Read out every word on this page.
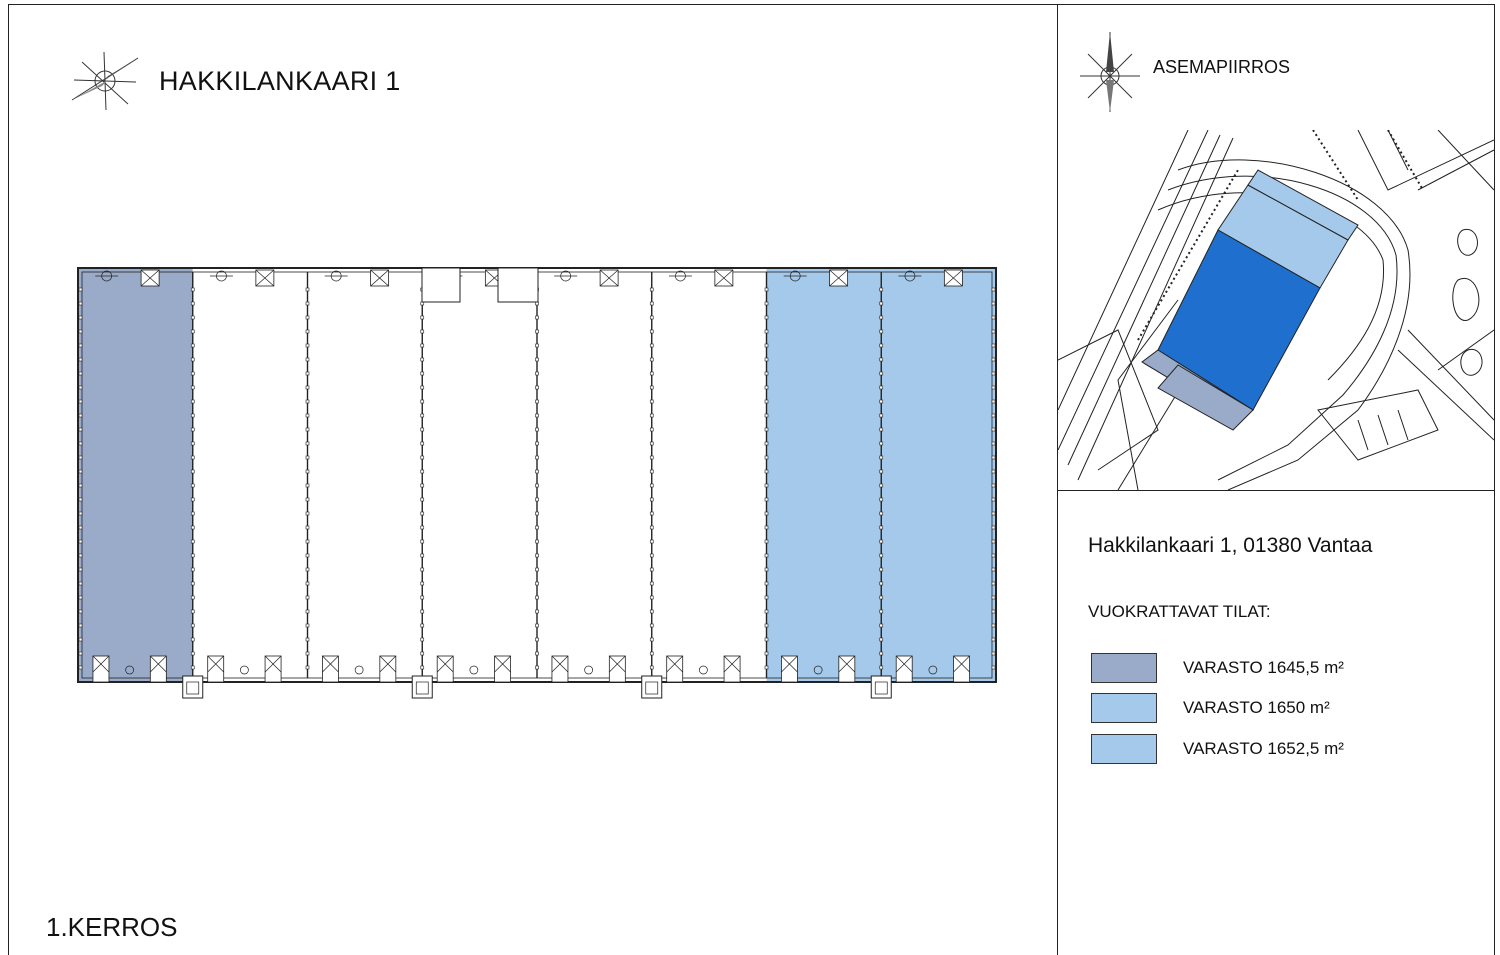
HAKKILANKAARI 1
1.KERROS
ASEMAPIIRROS
Hakkilankaari 1, 01380 Vantaa
VUOKRATTAVAT TILAT:
VARASTO 1645,5 m²
VARASTO 1650 m²
VARASTO 1652,5 m²
